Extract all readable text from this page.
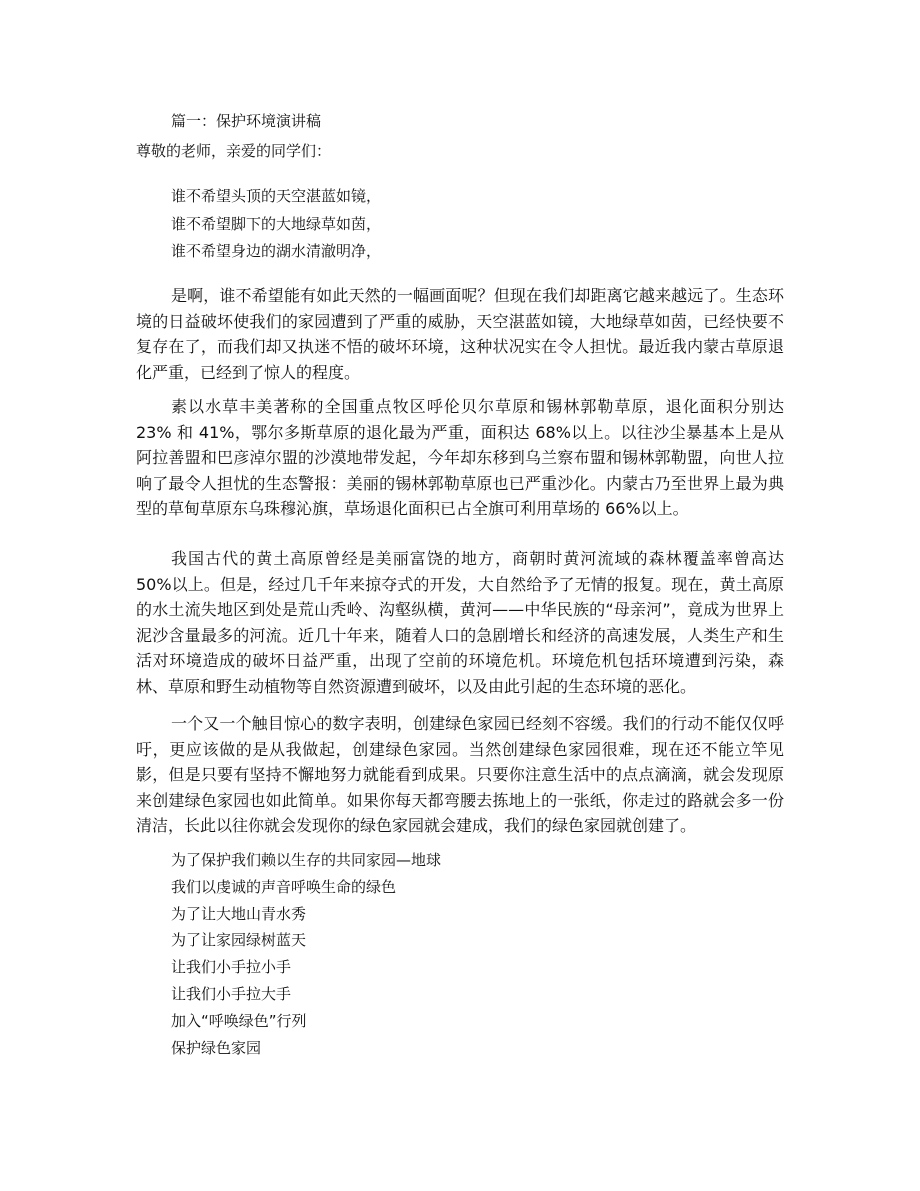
篇一：保护环境演讲稿

尊敬的老师，亲爱的同学们：

谁不希望头顶的天空湛蓝如镜，

谁不希望脚下的大地绿草如茵，

谁不希望身边的湖水清澈明净，

是啊，谁不希望能有如此天然的一幅画面呢？但现在我们却距离它越来越远了。生态环境的日益破坏使我们的家园遭到了严重的威胁，天空湛蓝如镜，大地绿草如茵，已经快要不复存在了，而我们却又执迷不悟的破坏环境，这种状况实在令人担忧。最近我内蒙古草原退化严重，已经到了惊人的程度。

素以水草丰美著称的全国重点牧区呼伦贝尔草原和锡林郭勒草原，退化面积分别达 23% 和 41%，鄂尔多斯草原的退化最为严重，面积达 68%以上。以往沙尘暴基本上是从阿拉善盟和巴彦淖尔盟的沙漠地带发起，今年却东移到乌兰察布盟和锡林郭勒盟，向世人拉响了最令人担忧的生态警报：美丽的锡林郭勒草原也已严重沙化。内蒙古乃至世界上最为典型的草甸草原东乌珠穆沁旗，草场退化面积已占全旗可利用草场的 66%以上。

我国古代的黄土高原曾经是美丽富饶的地方，商朝时黄河流域的森林覆盖率曾高达 50%以上。但是，经过几千年来掠夺式的开发，大自然给予了无情的报复。现在，黄土高原的水土流失地区到处是荒山秃岭、沟壑纵横，黄河——中华民族的“母亲河”，竟成为世界上泥沙含量最多的河流。近几十年来，随着人口的急剧增长和经济的高速发展，人类生产和生活对环境造成的破坏日益严重，出现了空前的环境危机。环境危机包括环境遭到污染，森林、草原和野生动植物等自然资源遭到破坏，以及由此引起的生态环境的恶化。

一个又一个触目惊心的数字表明，创建绿色家园已经刻不容缓。我们的行动不能仅仅呼吁，更应该做的是从我做起，创建绿色家园。当然创建绿色家园很难，现在还不能立竿见影，但是只要有坚持不懈地努力就能看到成果。只要你注意生活中的点点滴滴，就会发现原来创建绿色家园也如此简单。如果你每天都弯腰去拣地上的一张纸，你走过的路就会多一份清洁，长此以往你就会发现你的绿色家园就会建成，我们的绿色家园就创建了。

为了保护我们赖以生存的共同家园—地球
我们以虔诚的声音呼唤生命的绿色
为了让大地山青水秀
为了让家园绿树蓝天
让我们小手拉小手
让我们小手拉大手
加入“呼唤绿色”行列
保护绿色家园
